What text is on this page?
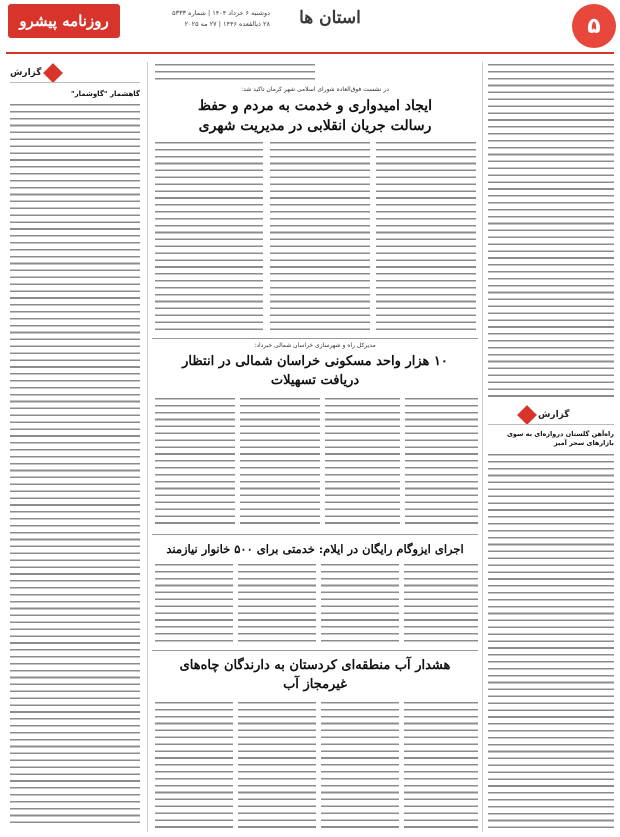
۵
استان ها
روزنامه پیشرو	دوشنبه ۶ خرداد ۱۴۰۴ | شماره ۵۳۳۳
۲۸ ذیالقعده ۱۴۴۶ | ۲۷ مه ۲۰۲۵
گزارش
گاهشمار "گاوشمار"
در نشست فوق‌العاده شورای اسلامی شهر کرمان تاکید شد:
ایجاد امیدواری و خدمت به مردم و حفظ
رسالت جریان انقلابی در مدیریت شهری
گزارش
راه‌آهن گلستان دروازه‌ای به سوی بازارهای سحر آمیز
مدیرکل راه و شهرسازی خراسان شمالی خبرداد:
۱۰ هزار واحد مسکونی خراسان شمالی در انتظار
دریافت تسهیلات
اجرای ایزوگام رایگان در ایلام: خدمتی برای ۵۰۰ خانوار نیازمند
هشدار آب منطقه‌ای کردستان به دارندگان چاه‌های
غیرمجاز آب
